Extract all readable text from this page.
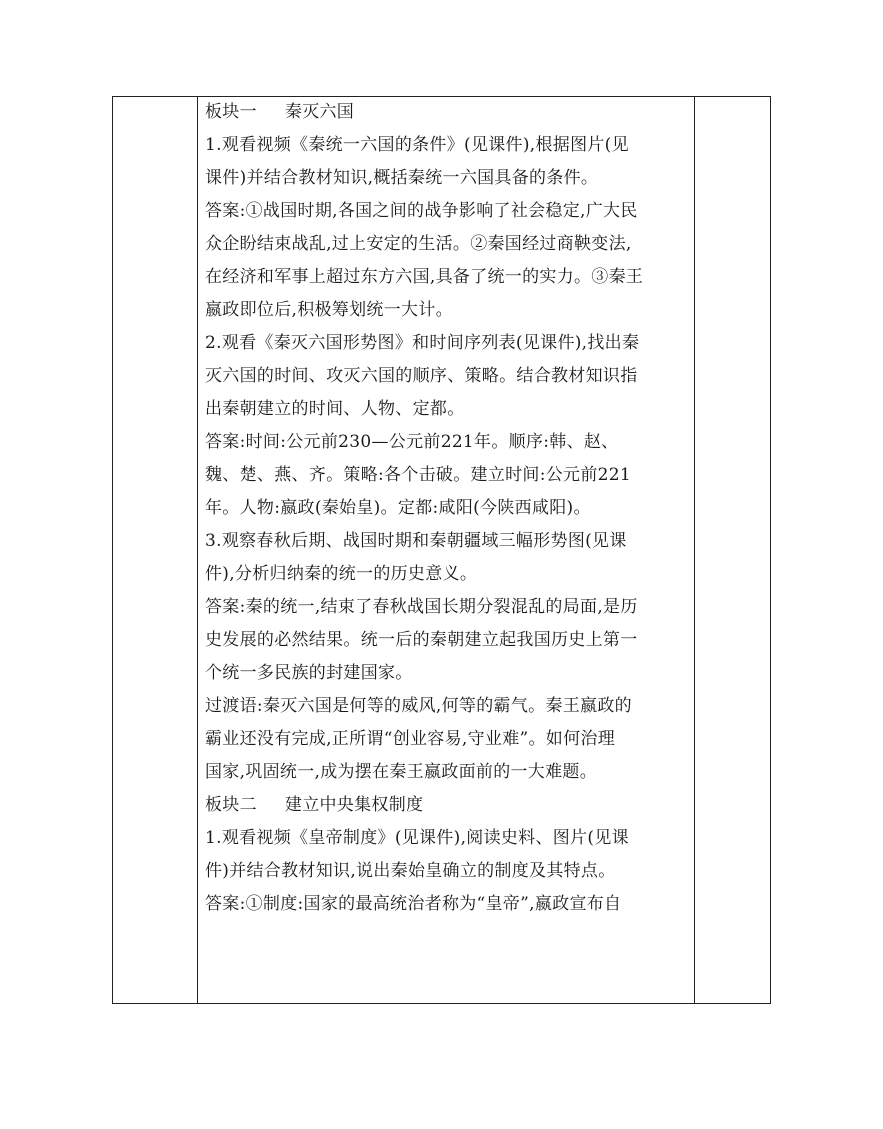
板块一 秦灭六国

1.观看视频《秦统一六国的条件》(见课件),根据图片(见

课件)并结合教材知识,概括秦统一六国具备的条件。

答案:①战国时期,各国之间的战争影响了社会稳定,广大民

众企盼结束战乱,过上安定的生活。②秦国经过商鞅变法,

在经济和军事上超过东方六国,具备了统一的实力。③秦王

嬴政即位后,积极筹划统一大计。

2.观看《秦灭六国形势图》和时间序列表(见课件),找出秦

灭六国的时间、攻灭六国的顺序、策略。结合教材知识指

出秦朝建立的时间、人物、定都。

答案:时间:公元前230—公元前221年。顺序:韩、赵、

魏、楚、燕、齐。策略:各个击破。建立时间:公元前221

年。人物:嬴政(秦始皇)。定都:咸阳(今陕西咸阳)。

3.观察春秋后期、战国时期和秦朝疆域三幅形势图(见课

件),分析归纳秦的统一的历史意义。

答案:秦的统一,结束了春秋战国长期分裂混乱的局面,是历

史发展的必然结果。统一后的秦朝建立起我国历史上第一

个统一多民族的封建国家。

过渡语:秦灭六国是何等的威风,何等的霸气。秦王嬴政的

霸业还没有完成,正所谓“创业容易,守业难”。如何治理

国家,巩固统一,成为摆在秦王嬴政面前的一大难题。

板块二 建立中央集权制度

1.观看视频《皇帝制度》(见课件),阅读史料、图片(见课

件)并结合教材知识,说出秦始皇确立的制度及其特点。

答案:①制度:国家的最高统治者称为“皇帝”,嬴政宣布自
